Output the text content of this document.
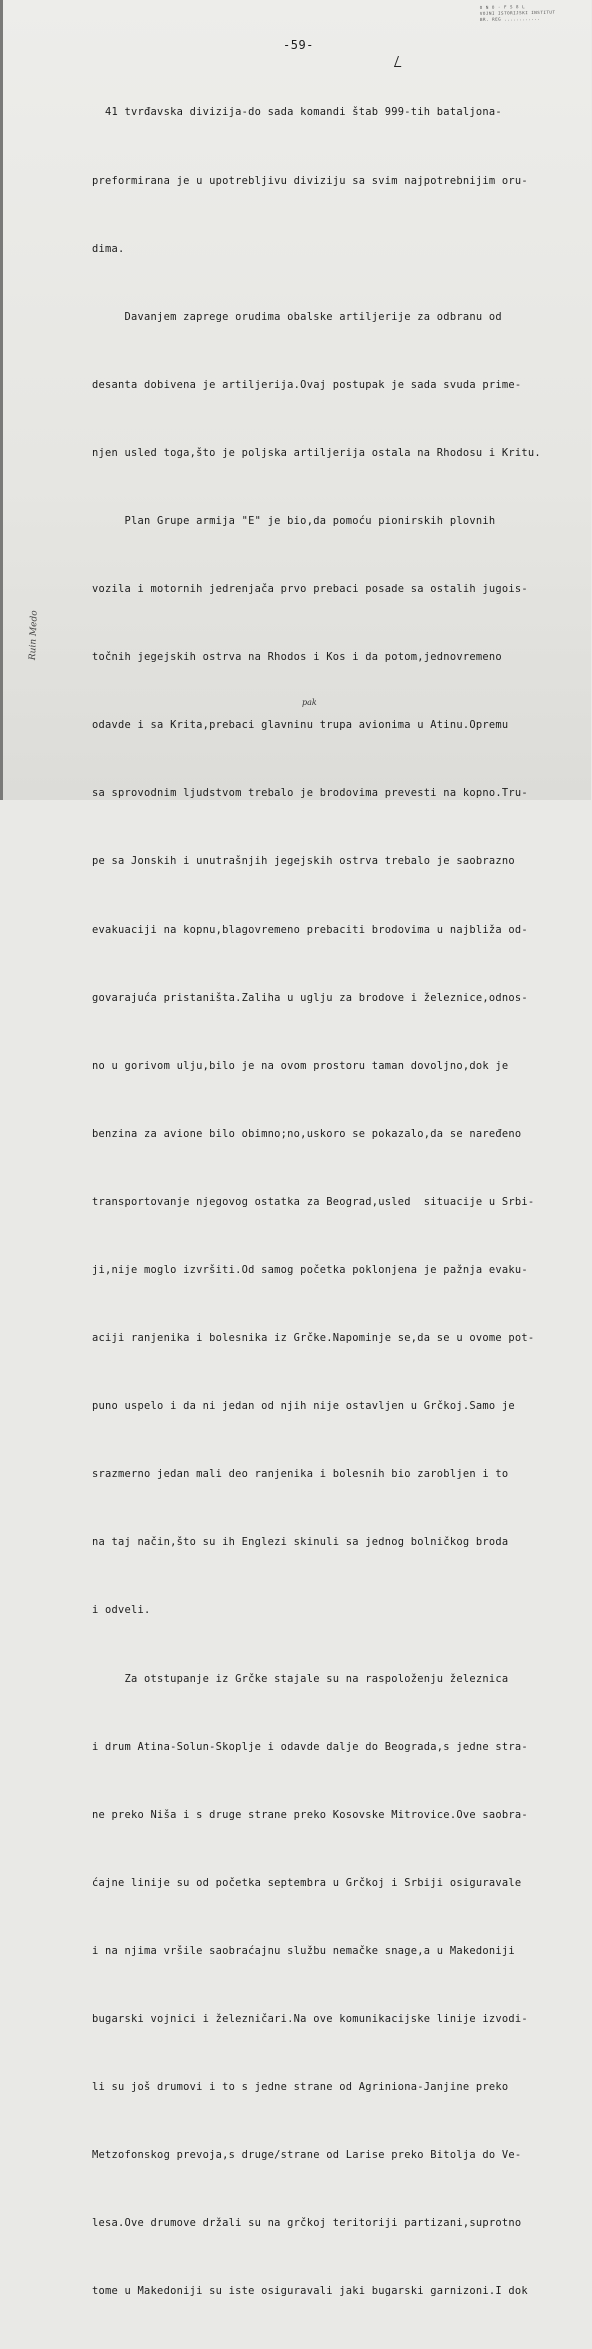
O N O · F S 8 L
VOJNI ISTORIJSKI INSTITUT
BR. REG ............
-59-

41 tvrđavska divizija-do sada komandi štab 999-tih bataljona-

preformirana je u upotrebljivu diviziju sa svim najpotrebnijim oru-

dima.

Davanjem zaprege orudima obalske artiljerije za odbranu od

desanta dobivena je artiljerija.Ovaj postupak je sada svuda prime-

njen usled toga,što je poljska artiljerija ostala na Rhodosu i Kritu.

Plan Grupe armija "E" je bio,da pomoću pionirskih plovnih

vozila i motornih jedrenjača prvo prebaci posade sa ostalih jugois-

točnih jegejskih ostrva na Rhodos i Kos i da potom,jednovremeno

odavde i sa Krita,prebaci glavninu trupa avionima u Atinu.Opremu

sa sprovodnim ljudstvom trebalo je brodovima prevesti na kopno.Tru-

pe sa Jonskih i unutrašnjih jegejskih ostrva trebalo je saobrazno

evakuaciji na kopnu,blagovremeno prebaciti brodovima u najbliža od-

govarajuća pristaništa.Zaliha u uglju za brodove i železnice,odnos-

no u gorivom ulju,bilo je na ovom prostoru taman dovoljno,dok je

benzina za avione bilo obimno;no,uskoro se pokazalo,da se naređeno

transportovanje njegovog ostatka za Beograd,usled  situacije u Srbi-

ji,nije moglo izvršiti.Od samog početka poklonjena je pažnja evaku-

aciji ranjenika i bolesnika iz Grčke.Napominje se,da se u ovome pot-

puno uspelo i da ni jedan od njih nije ostavljen u Grčkoj.Samo je

srazmerno jedan mali deo ranjenika i bolesnih bio zarobljen i to

na taj način,što su ih Englezi skinuli sa jednog bolničkog broda

i odveli.

Za otstupanje iz Grčke stajale su na raspoloženju železnica

i drum Atina-Solun-Skoplje i odavde dalje do Beograda,s jedne stra-

ne preko Niša i s druge strane preko Kosovske Mitrovice.Ove saobra-

ćajne linije su od početka septembra u Grčkoj i Srbiji osiguravale

i na njima vršile saobraćajnu službu nemačke snage,a u Makedoniji

bugarski vojnici i železničari.Na ove komunikacijske linije izvodi-

li su još drumovi i to s jedne strane od Agriniona-Janjine preko

Metzofonskog prevoja,s druge/strane od Larise preko Bitolja do Ve-

lesa.Ove drumove držali su na grčkoj teritoriji partizani,suprotno

tome u Makedoniji su iste osiguravali jaki bugarski garnizoni.I dok

pak
Ruin Medo
